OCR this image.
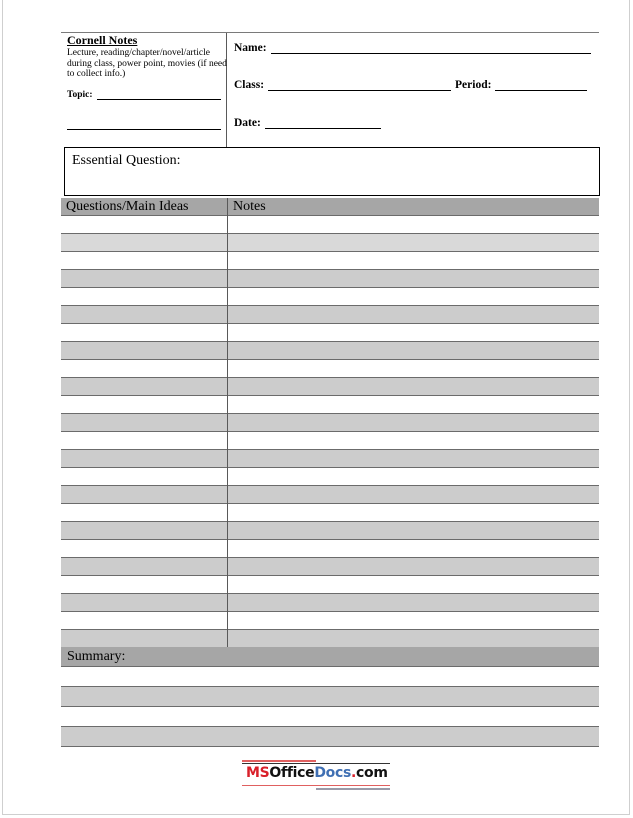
Cornell Notes
Lecture, reading/chapter/novel/article during class, power point, movies (if need to collect info.)
Topic:
Name:
Class:	Period:
Date:
Essential Question:
Questions/Main Ideas	Notes
Summary:
MSOfficeDocs.com
